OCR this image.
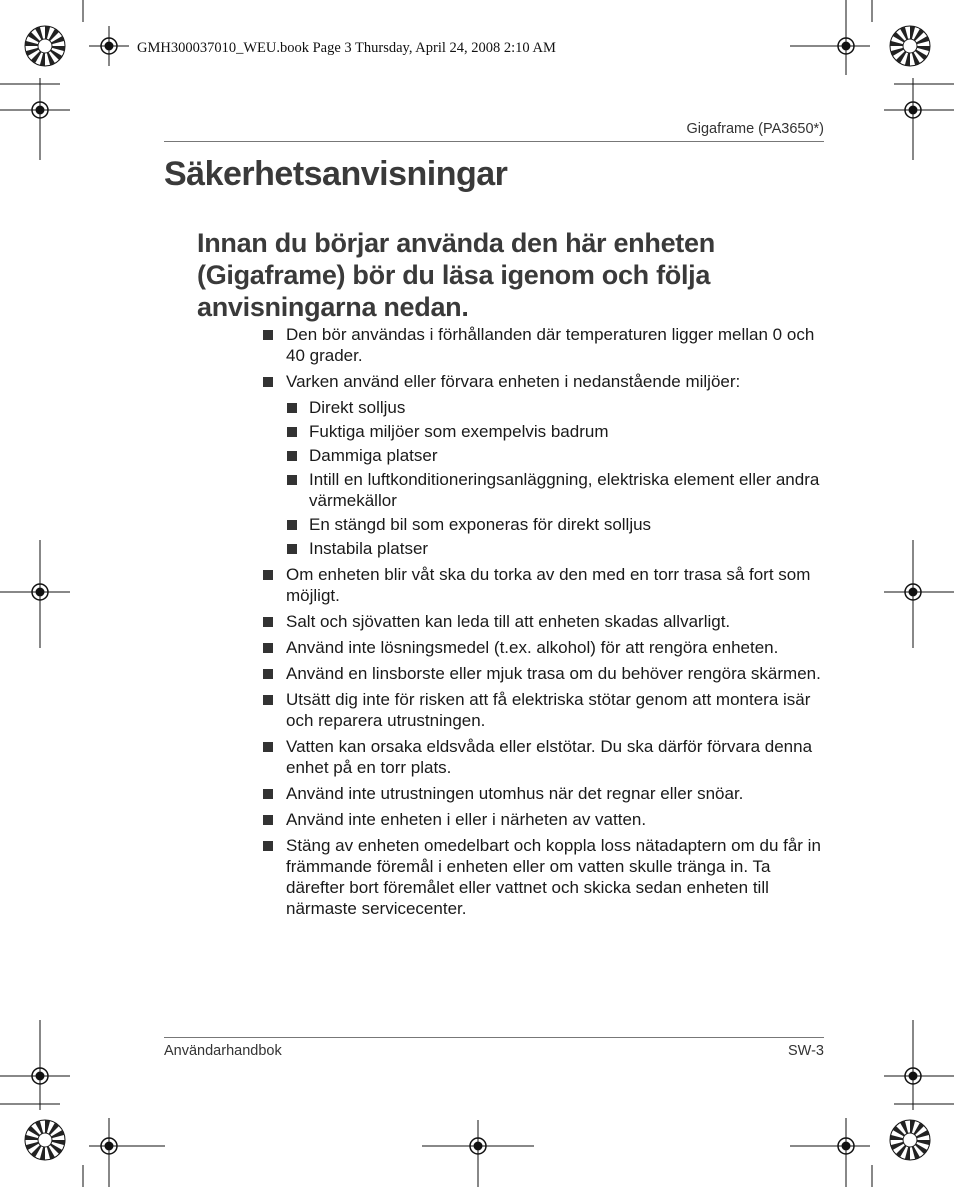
GMH300037010_WEU.book Page 3 Thursday, April 24, 2008 2:10 AM
Gigaframe (PA3650*)
Säkerhetsanvisningar

Innan du börjar använda den här enheten (Gigaframe) bör du läsa igenom och följa anvisningarna nedan.

Den bör användas i förhållanden där temperaturen ligger mellan 0 och 40 grader.
Varken använd eller förvara enheten i nedanstående miljöer:
Direkt solljus
Fuktiga miljöer som exempelvis badrum
Dammiga platser
Intill en luftkonditioneringsanläggning, elektriska element eller andra värmekällor
En stängd bil som exponeras för direkt solljus
Instabila platser
Om enheten blir våt ska du torka av den med en torr trasa så fort som möjligt.
Salt och sjövatten kan leda till att enheten skadas allvarligt.
Använd inte lösningsmedel (t.ex. alkohol) för att rengöra enheten.
Använd en linsborste eller mjuk trasa om du behöver rengöra skärmen.
Utsätt dig inte för risken att få elektriska stötar genom att montera isär och reparera utrustningen.
Vatten kan orsaka eldsvåda eller elstötar. Du ska därför förvara denna enhet på en torr plats.
Använd inte utrustningen utomhus när det regnar eller snöar.
Använd inte enheten i eller i närheten av vatten.
Stäng av enheten omedelbart och koppla loss nätadaptern om du får in främmande föremål i enheten eller om vatten skulle tränga in. Ta därefter bort föremålet eller vattnet och skicka sedan enheten till närmaste servicecenter.
Användarhandbok	SW-3
